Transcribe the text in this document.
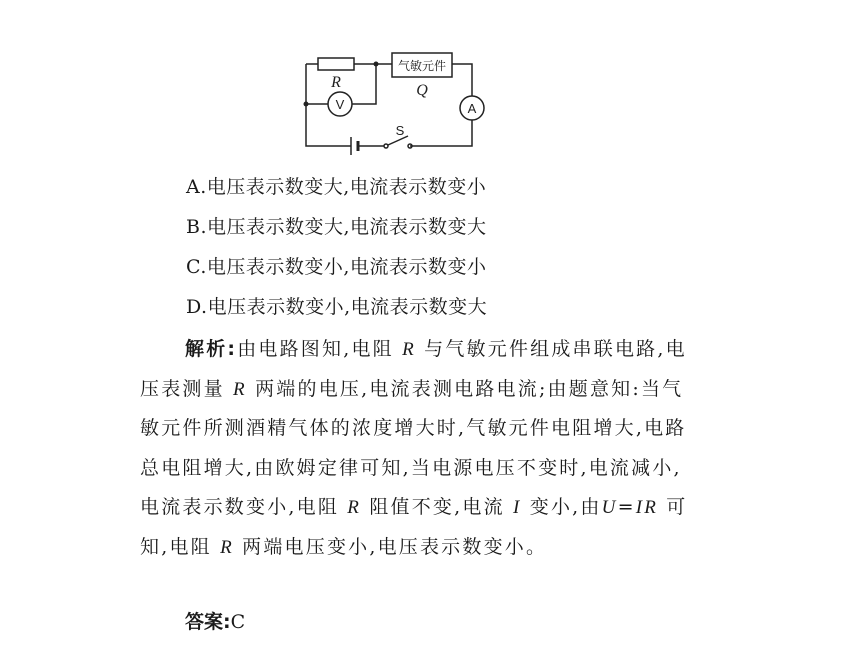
R
气敏元件
Q
V	A
S
A.电压表示数变大,电流表示数变小
B.电压表示数变大,电流表示数变大
C.电压表示数变小,电流表示数变小
D.电压表示数变小,电流表示数变大
解析:由电路图知,电阻 R 与气敏元件组成串联电路,电压表测量 R 两端的电压,电流表测电路电流;由题意知:当气敏元件所测酒精气体的浓度增大时,气敏元件电阻增大,电路总电阻增大,由欧姆定律可知,当电源电压不变时,电流减小,电流表示数变小,电阻 R 阻值不变,电流 I 变小,由U=IR 可知,电阻 R 两端电压变小,电压表示数变小。
答案:C
